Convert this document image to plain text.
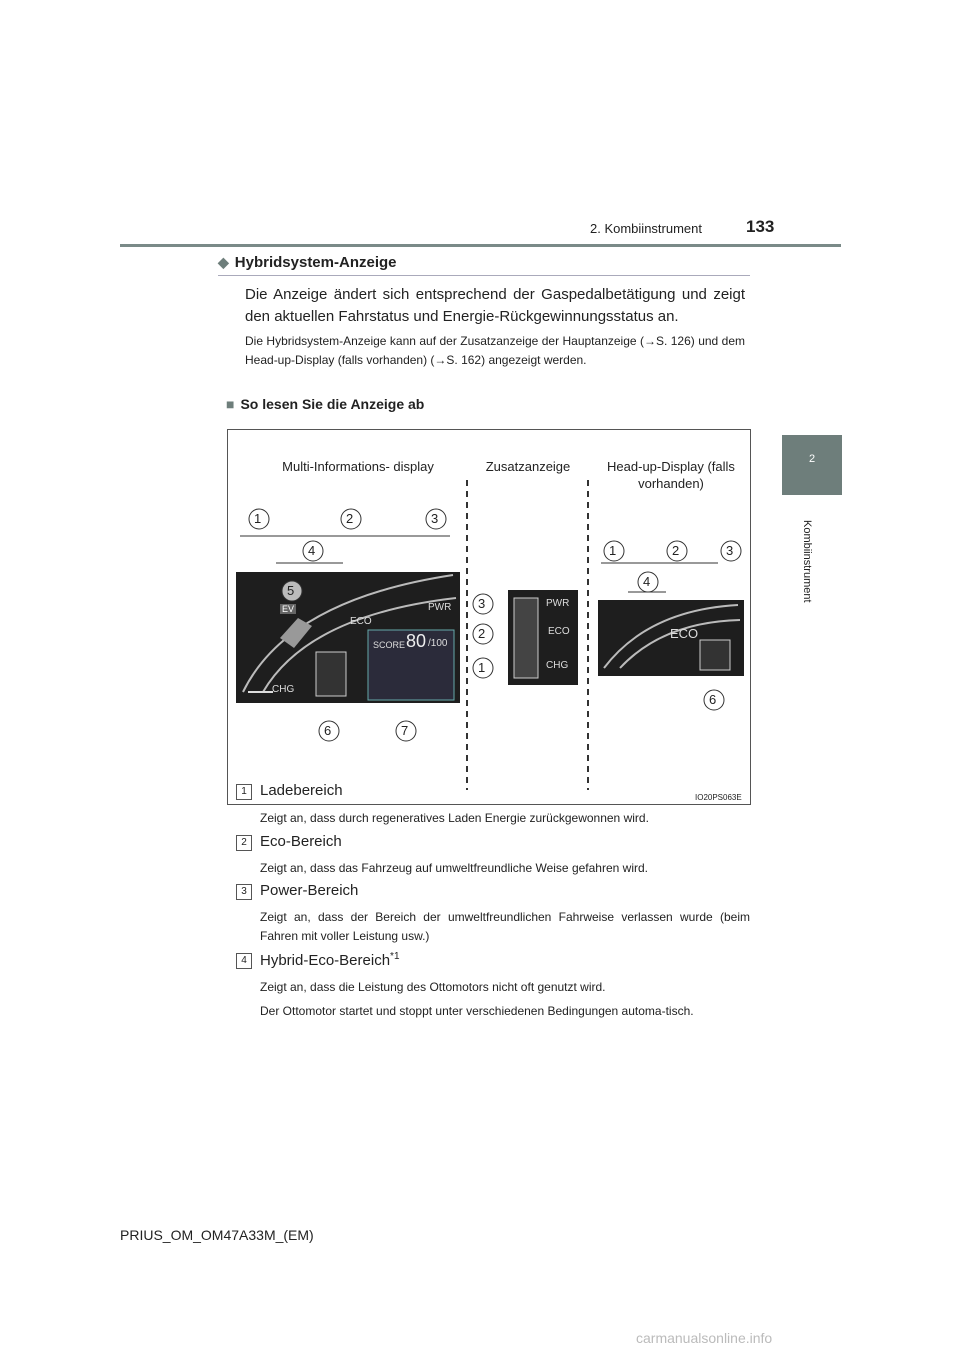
2. Kombiinstrument	133
2
Kombiinstrument
◆ Hybridsystem-Anzeige
Die Anzeige ändert sich entsprechend der Gaspedalbetätigung und zeigt den aktuellen Fahrstatus und Energie-Rückgewinnungsstatus an.
Die Hybridsystem-Anzeige kann auf der Zusatzanzeige der Hauptanzeige (→S. 126) und dem Head-up-Display (falls vorhanden) (→S. 162) angezeigt werden.
■ So lesen Sie die Anzeige ab
Multi-Informations- display	Zusatzanzeige	Head-up-Display (falls vorhanden)
1	2	3
4
5
6	7
3
2
1
1	2	3
4
6
PWR
ECO
CHG
EV
SCORE 80 /100
PWR
ECO
CHG
ECO
IO20PS063E
1 Ladebereich
Zeigt an, dass durch regeneratives Laden Energie zurückgewonnen wird.
2 Eco-Bereich
Zeigt an, dass das Fahrzeug auf umweltfreundliche Weise gefahren wird.
3 Power-Bereich
Zeigt an, dass der Bereich der umweltfreundlichen Fahrweise verlassen wurde (beim Fahren mit voller Leistung usw.)
4 Hybrid-Eco-Bereich$^{*1}$
Zeigt an, dass die Leistung des Ottomotors nicht oft genutzt wird.
Der Ottomotor startet und stoppt unter verschiedenen Bedingungen automa-tisch.
PRIUS_OM_OM47A33M_(EM)
carmanualsonline.info
